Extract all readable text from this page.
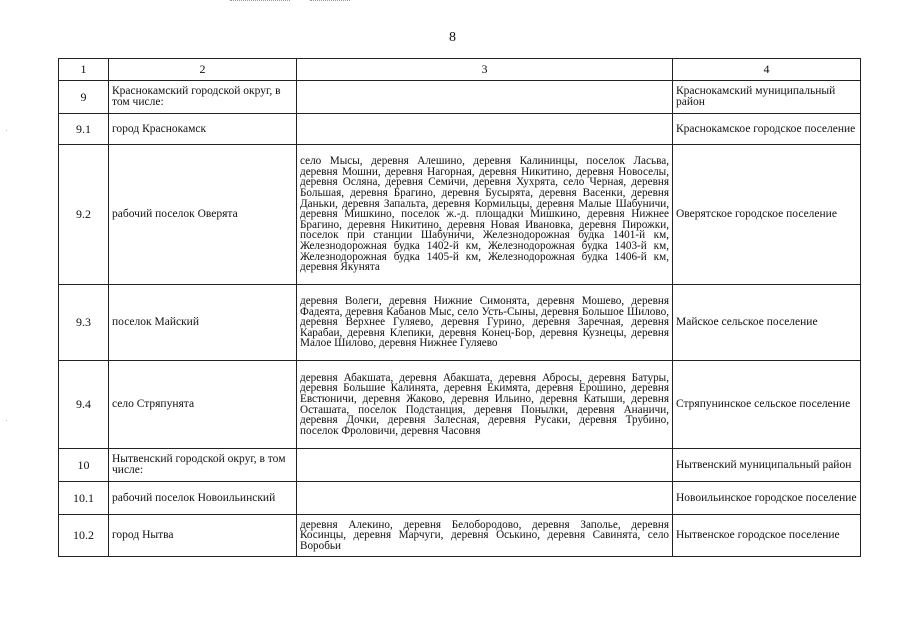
8
1	2	3	4
9	Краснокамский городской округ, в том числе:		Краснокамский муниципальный район
9.1	город Краснокамск		Краснокамское городское поселение
9.2	рабочий поселок Оверята	село Мысы, деревня Алешино, деревня Калининцы, поселок Ласьва, деревня Мошни, деревня Нагорная, деревня Никитино, деревня Новоселы, деревня Осляна, деревня Семичи, деревня Хухрята, село Черная, деревня Большая, деревня Брагино, деревня Бусырята, деревня Васенки, деревня Даньки, деревня Запальта, деревня Кормильцы, деревня Малые Шабуничи, деревня Мишкино, поселок ж.-д. площадки Мишкино, деревня Нижнее Брагино, деревня Никитино, деревня Новая Ивановка, деревня Пирожки, поселок при станции Шабуничи, Железнодорожная будка 1401-й км, Железнодорожная будка 1402-й км, Железнодорожная будка 1403-й км, Железнодорожная будка 1405-й км, Железнодорожная будка 1406-й км, деревня Якунята	Оверятское городское поселение
9.3	поселок Майский	деревня Волеги, деревня Нижние Симонята, деревня Мошево, деревня Фадеята, деревня Кабанов Мыс, село Усть-Сыны, деревня Большое Шилово, деревня Верхнее Гуляево, деревня Гурино, деревня Заречная, деревня Карабаи, деревня Клепики, деревня Конец-Бор, деревня Кузнецы, деревня Малое Шилово, деревня Нижнее Гуляево	Майское сельское поселение
9.4	село Стряпунята	деревня Абакшата, деревня Абакшата, деревня Абросы, деревня Батуры, деревня Большие Калинята, деревня Екимята, деревня Ерошино, деревня Евстюничи, деревня Жаково, деревня Ильино, деревня Катыши, деревня Осташата, поселок Подстанция, деревня Понылки, деревня Ананичи, деревня Дочки, деревня Залесная, деревня Русаки, деревня Трубино, поселок Фроловичи, деревня Часовня	Стряпунинское сельское поселение
10	Нытвенский городской округ, в том числе:		Нытвенский муниципальный район
10.1	рабочий поселок Новоильинский		Новоильинское городское поселение
10.2	город Нытва	деревня Алекино, деревня Белобородово, деревня Запольe, деревня Косинцы, деревня Марчуги, деревня Оськино, деревня Савинята, село Воробьи	Нытвенское городское поселение
